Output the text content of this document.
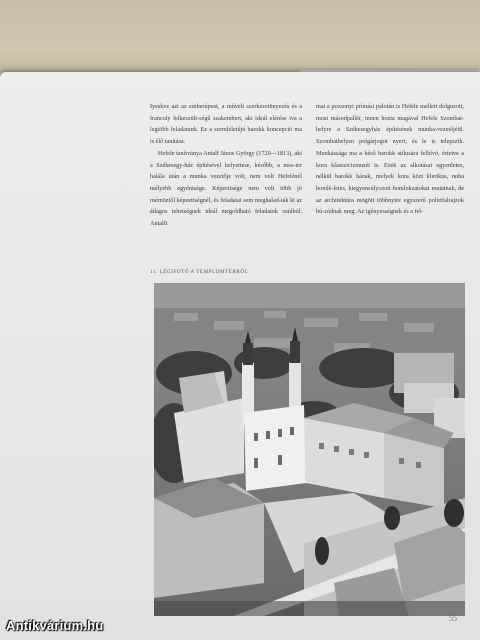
Iyeskve azt az emberúpust, a művelt szerkezetünyezés és a francoly felkeszült-ségű szakembert, aki ideál elérése iva a legtöbb feladatunk. Ez a szemléletűjú barokk koncepció ma is élő tanítása.

Hefele tanítványa Antalf János György (1720—1813), aki a Székesegy-ház építésével helyettese, később, a mes-ter halála után a munka vezetője volt, nem volt Hefelénél mélyebb egyénisége. Képzettsége nem volt több jó mérnöztől képzettségnél, és feladatai sem meghalad-ták ki az átlagos tehetségnek ideál megoldható feladatok sorából. Antalfi

mai a pozsonyi prímási palotán is Hefele mellett dolgozott, most másodpallér, innen hozta magával Hefele Szombat-helyre a Székesegyház építésének munka-vezetőjéül. Szombathelyen polgárjogot nyert, és le is telepszik. Munkássága ma a késő barokk stílusára felhívó, értetve a kora klasszicizmusét is. Ezek az alkotásai egyenletes, nélkül barokk házak, melyek kora közt klerikus, noha homlé-letes, kiegyensúlyozott homlokzatokat mutatnak, de az architektúra mögött többnyire egyszerű polírtfalrajzok hú-zódnak meg. Az igényességnek és a fel-

11. LÉGIFOTÓ A TEMPLOMTÉRRŐL
55
Antikvárium.hu
